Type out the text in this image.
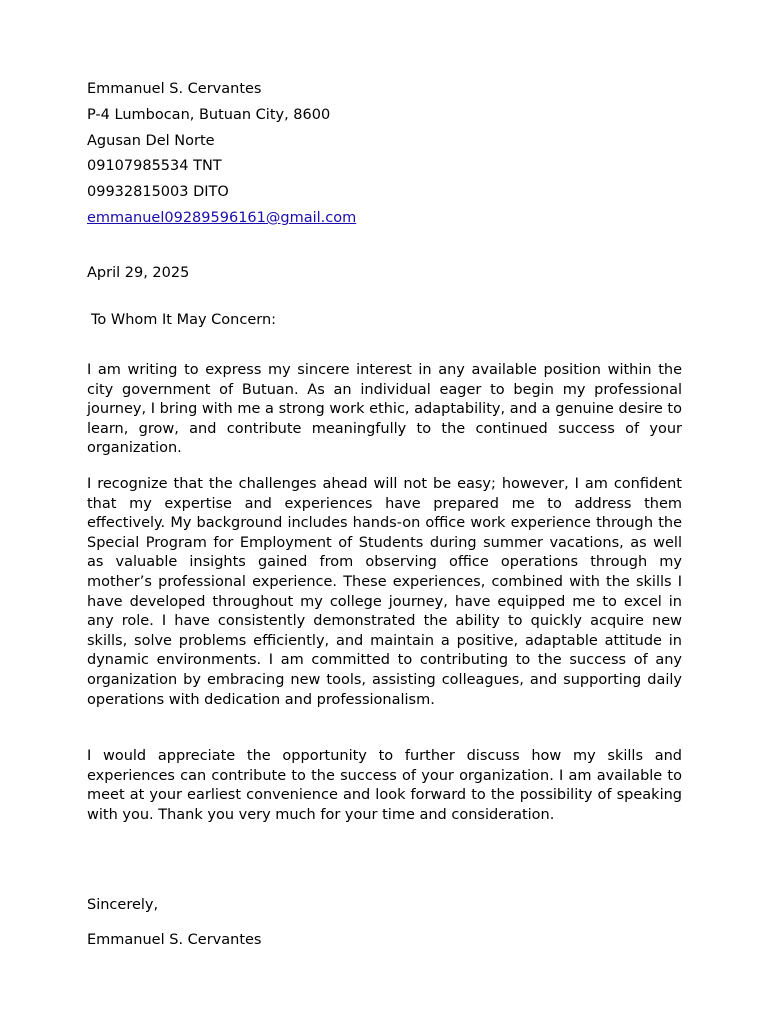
Emmanuel S. Cervantes
P-4 Lumbocan, Butuan City, 8600
Agusan Del Norte
09107985534 TNT
09932815003 DITO
emmanuel09289596161@gmail.com
April 29, 2025
To Whom It May Concern:

I am writing to express my sincere interest in any available position within the city government of Butuan. As an individual eager to begin my professional journey, I bring with me a strong work ethic, adaptability, and a genuine desire to learn, grow, and contribute meaningfully to the continued success of your organization.

I recognize that the challenges ahead will not be easy; however, I am confident that my expertise and experiences have prepared me to address them effectively. My background includes hands-on office work experience through the Special Program for Employment of Students during summer vacations, as well as valuable insights gained from observing office operations through my mother’s professional experience. These experiences, combined with the skills I have developed throughout my college journey, have equipped me to excel in any role. I have consistently demonstrated the ability to quickly acquire new skills, solve problems efficiently, and maintain a positive, adaptable attitude in dynamic environments. I am committed to contributing to the success of any organization by embracing new tools, assisting colleagues, and supporting daily operations with dedication and professionalism.

I would appreciate the opportunity to further discuss how my skills and experiences can contribute to the success of your organization. I am available to meet at your earliest convenience and look forward to the possibility of speaking with you. Thank you very much for your time and consideration.

Sincerely,
Emmanuel S. Cervantes
